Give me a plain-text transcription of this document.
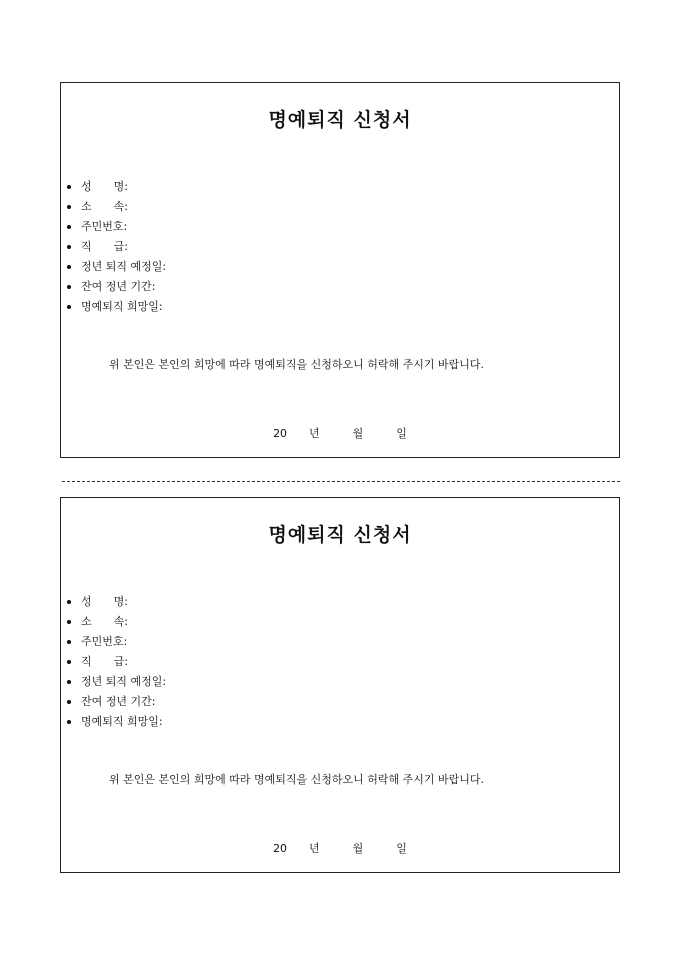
명예퇴직 신청서
성  명:
소  속:
주민번호:
직  급:
정년 퇴직 예정일:
잔여 정년 기간:
명예퇴직 희망일:
위 본인은 본인의 희망에 따라 명예퇴직을 신청하오니 허락해 주시기 바랍니다.
20  년   월   일
명예퇴직 신청서
성  명:
소  속:
주민번호:
직  급:
정년 퇴직 예정일:
잔여 정년 기간:
명예퇴직 희망일:
위 본인은 본인의 희망에 따라 명예퇴직을 신청하오니 허락해 주시기 바랍니다.
20  년   월   일
